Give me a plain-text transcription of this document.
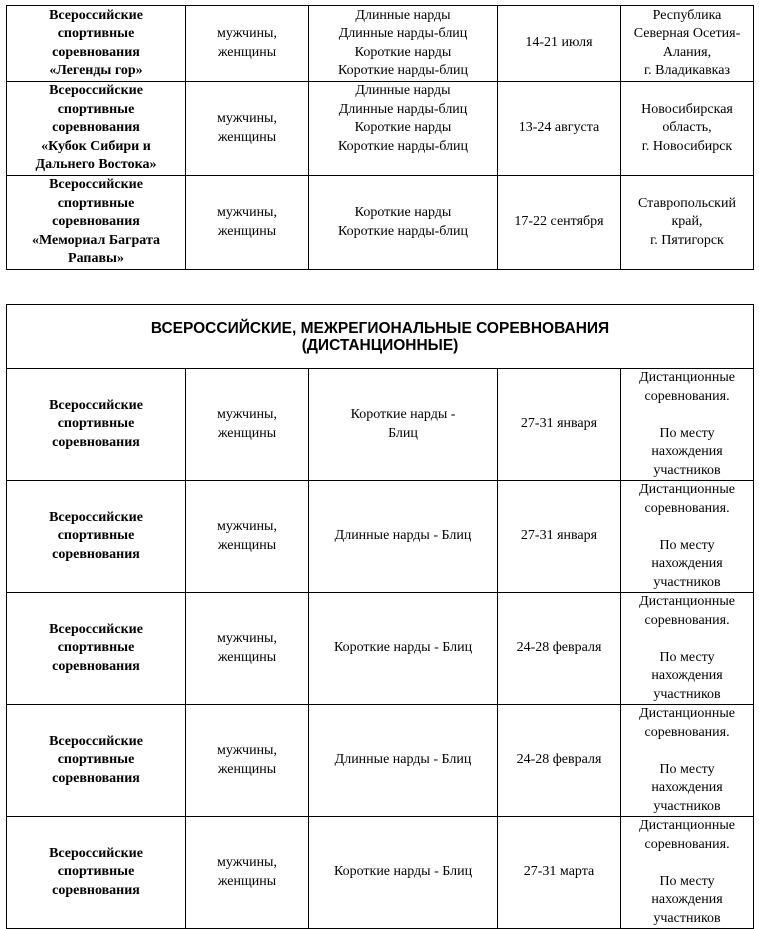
Всероссийские
спортивные
соревнования
«Легенды гор»	мужчины,
женщины	Длинные нарды
Длинные нарды-блиц
Короткие нарды
Короткие нарды-блиц	14-21 июля	Республика
Северная Осетия-
Алания,
г. Владикавказ

Всероссийские
спортивные
соревнования
«Кубок Сибири и
Дальнего Востока»	мужчины,
женщины	Длинные нарды
Длинные нарды-блиц
Короткие нарды
Короткие нарды-блиц	13-24 августа	Новосибирская
область,
г. Новосибирск

Всероссийские
спортивные
соревнования
«Мемориал Баграта
Рапавы»	мужчины,
женщины	Короткие нарды
Короткие нарды-блиц	17-22 сентября	Ставропольский
край,
г. Пятигорск
ВСЕРОССИЙСКИЕ, МЕЖРЕГИОНАЛЬНЫЕ СОРЕВНОВАНИЯ
(ДИСТАНЦИОННЫЕ)				

Всероссийские
спортивные
соревнования	мужчины,
женщины	Короткие нарды -
Блиц	27-31 января	Дистанционные
соревнования.
По месту
нахождения
участников

Всероссийские
спортивные
соревнования	мужчины,
женщины	Длинные нарды - Блиц	27-31 января	Дистанционные
соревнования.
По месту
нахождения
участников

Всероссийские
спортивные
соревнования	мужчины,
женщины	Короткие нарды - Блиц	24-28 февраля	Дистанционные
соревнования.
По месту
нахождения
участников

Всероссийские
спортивные
соревнования	мужчины,
женщины	Длинные нарды - Блиц	24-28 февраля	Дистанционные
соревнования.
По месту
нахождения
участников

Всероссийские
спортивные
соревнования	мужчины,
женщины	Короткие нарды - Блиц	27-31 марта	Дистанционные
соревнования.
По месту
нахождения
участников
